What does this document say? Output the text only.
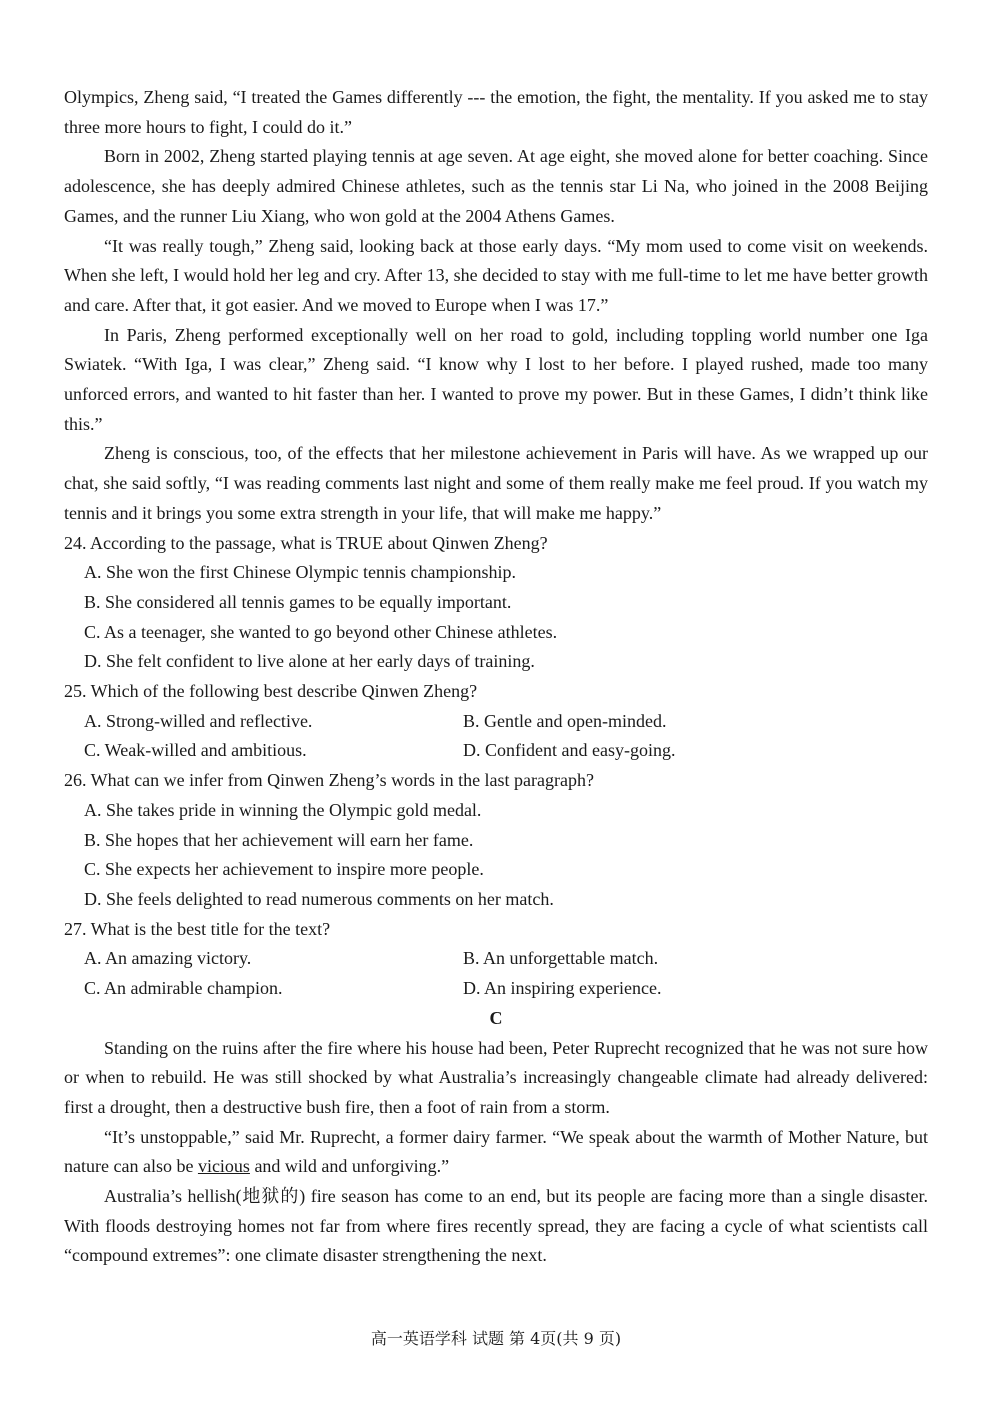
Olympics, Zheng said, “I treated the Games differently --- the emotion, the fight, the mentality. If you asked me to stay three more hours to fight, I could do it.”

Born in 2002, Zheng started playing tennis at age seven. At age eight, she moved alone for better coaching. Since adolescence, she has deeply admired Chinese athletes, such as the tennis star Li Na, who joined in the 2008 Beijing Games, and the runner Liu Xiang, who won gold at the 2004 Athens Games.

“It was really tough,” Zheng said, looking back at those early days. “My mom used to come visit on weekends. When she left, I would hold her leg and cry. After 13, she decided to stay with me full-time to let me have better growth and care. After that, it got easier. And we moved to Europe when I was 17.”

In Paris, Zheng performed exceptionally well on her road to gold, including toppling world number one Iga Swiatek. “With Iga, I was clear,” Zheng said. “I know why I lost to her before. I played rushed, made too many unforced errors, and wanted to hit faster than her. I wanted to prove my power. But in these Games, I didn’t think like this.”

Zheng is conscious, too, of the effects that her milestone achievement in Paris will have. As we wrapped up our chat, she said softly, “I was reading comments last night and some of them really make me feel proud. If you watch my tennis and it brings you some extra strength in your life, that will make me happy.”

24. According to the passage, what is TRUE about Qinwen Zheng?

A. She won the first Chinese Olympic tennis championship.

B. She considered all tennis games to be equally important.

C. As a teenager, she wanted to go beyond other Chinese athletes.

D. She felt confident to live alone at her early days of training.

25. Which of the following best describe Qinwen Zheng?

A. Strong-willed and reflective.	B. Gentle and open-minded.
C. Weak-willed and ambitious.	D. Confident and easy-going.

26. What can we infer from Qinwen Zheng’s words in the last paragraph?

A. She takes pride in winning the Olympic gold medal.

B. She hopes that her achievement will earn her fame.

C. She expects her achievement to inspire more people.

D. She feels delighted to read numerous comments on her match.

27. What is the best title for the text?

A. An amazing victory.	B. An unforgettable match.
C. An admirable champion.	D. An inspiring experience.

C

Standing on the ruins after the fire where his house had been, Peter Ruprecht recognized that he was not sure how or when to rebuild. He was still shocked by what Australia’s increasingly changeable climate had already delivered: first a drought, then a destructive bush fire, then a foot of rain from a storm.

“It’s unstoppable,” said Mr. Ruprecht, a former dairy farmer. “We speak about the warmth of Mother Nature, but nature can also be vicious and wild and unforgiving.”

Australia’s hellish(地狱的) fire season has come to an end, but its people are facing more than a single disaster. With floods destroying homes not far from where fires recently spread, they are facing a cycle of what scientists call “compound extremes”: one climate disaster strengthening the next.

高一英语学科 试题 第 4页(共 9 页)
